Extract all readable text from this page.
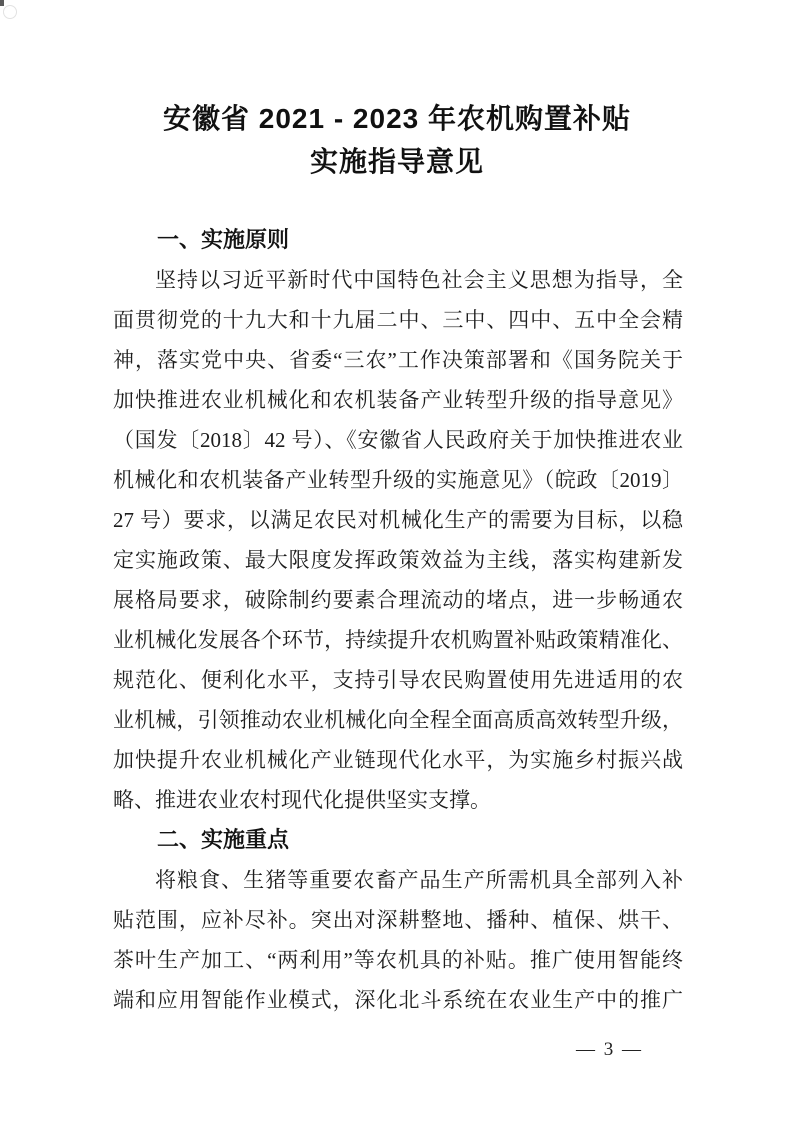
安徽省 2021 - 2023 年农机购置补贴
实施指导意见
一、实施原则
坚持以习近平新时代中国特色社会主义思想为指导，全
面贯彻党的十九大和十九届二中、三中、四中、五中全会精
神，落实党中央、省委“三农”工作决策部署和《国务院关于
加快推进农业机械化和农机装备产业转型升级的指导意见》
（国发〔2018〕42 号）、《安徽省人民政府关于加快推进农业
机械化和农机装备产业转型升级的实施意见》（皖政〔2019〕
27 号）要求，以满足农民对机械化生产的需要为目标，以稳
定实施政策、最大限度发挥政策效益为主线，落实构建新发
展格局要求，破除制约要素合理流动的堵点，进一步畅通农
业机械化发展各个环节，持续提升农机购置补贴政策精准化、
规范化、便利化水平，支持引导农民购置使用先进适用的农
业机械，引领推动农业机械化向全程全面高质高效转型升级，
加快提升农业机械化产业链现代化水平，为实施乡村振兴战
略、推进农业农村现代化提供坚实支撑。
二、实施重点
将粮食、生猪等重要农畜产品生产所需机具全部列入补
贴范围，应补尽补。突出对深耕整地、播种、植保、烘干、
茶叶生产加工、“两利用”等农机具的补贴。推广使用智能终
端和应用智能作业模式，深化北斗系统在农业生产中的推广
— 3 —
